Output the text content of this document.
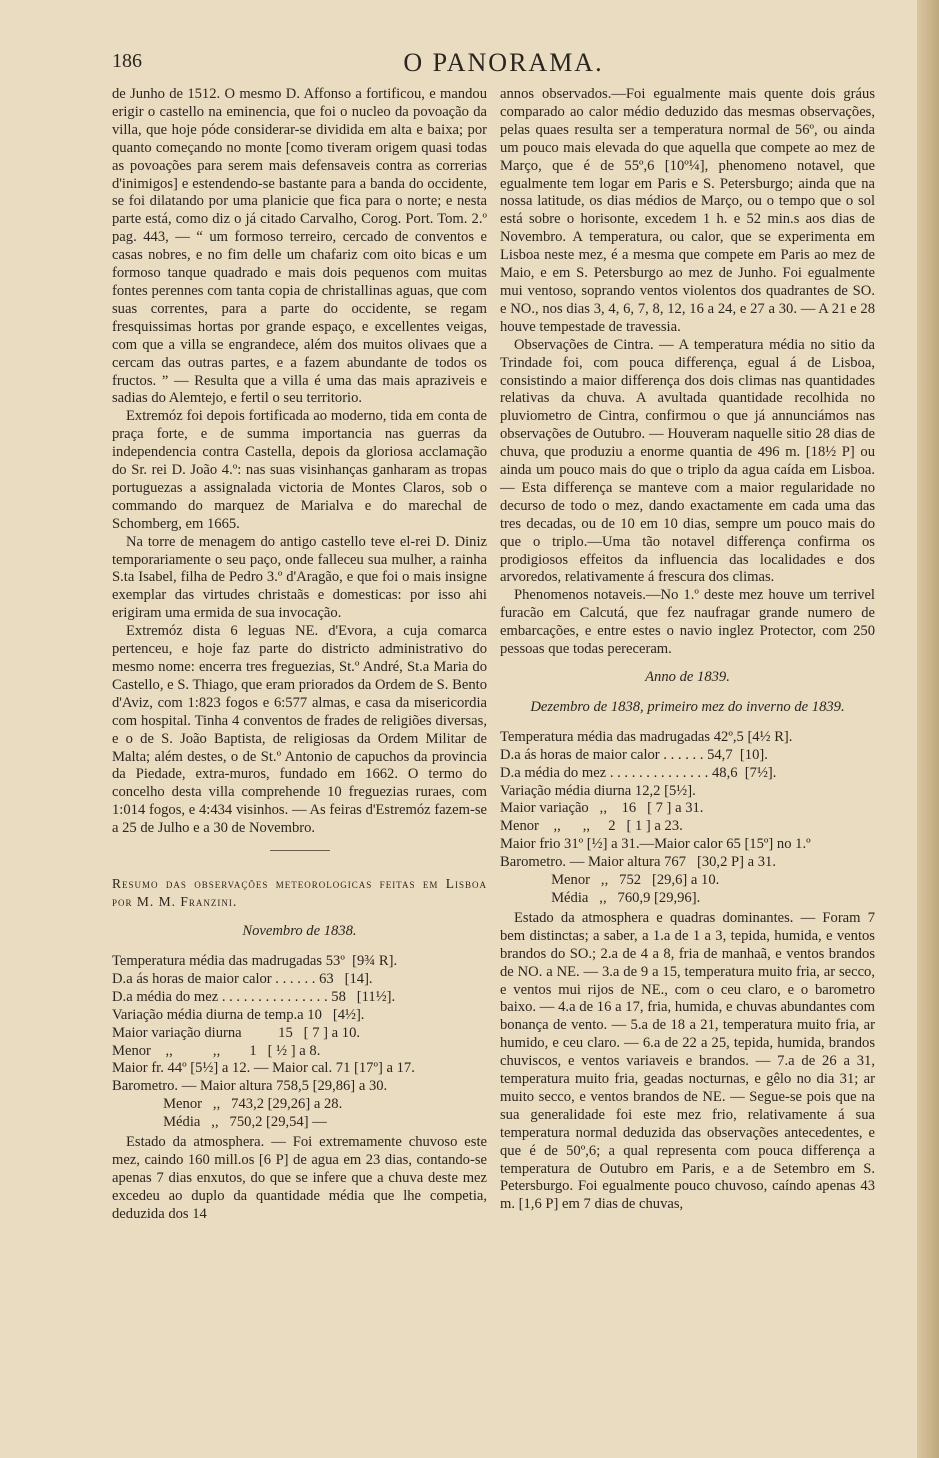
186	O PANORAMA.

de Junho de 1512. O mesmo D. Affonso a fortificou, e mandou erigir o castello na eminencia, que foi o nucleo da povoação da villa, que hoje póde considerar-se dividida em alta e baixa; por quanto começando no monte [como tiveram origem quasi todas as povoações para serem mais defensaveis contra as correrias d'inimigos] e estendendo-se bastante para a banda do occidente, se foi dilatando por uma planicie que fica para o norte; e nesta parte está, como diz o já citado Carvalho, Corog. Port. Tom. 2.º pag. 443, — “ um formoso terreiro, cercado de conventos e casas nobres, e no fim delle um chafariz com oito bicas e um formoso tanque quadrado e mais dois pequenos com muitas fontes perennes com tanta copia de christallinas aguas, que com suas correntes, para a parte do occidente, se regam fresquissimas hortas por grande espaço, e excellentes veigas, com que a villa se engrandece, além dos muitos olivaes que a cercam das outras partes, e a fazem abundante de todos os fructos. ” — Resulta que a villa é uma das mais apraziveis e sadias do Alemtejo, e fertil o seu territorio.

Extremóz foi depois fortificada ao moderno, tida em conta de praça forte, e de summa importancia nas guerras da independencia contra Castella, depois da gloriosa acclamação do Sr. rei D. João 4.º: nas suas visinhanças ganharam as tropas portuguezas a assignalada victoria de Montes Claros, sob o commando do marquez de Marialva e do marechal de Schomberg, em 1665.

Na torre de menagem do antigo castello teve el-rei D. Diniz temporariamente o seu paço, onde falleceu sua mulher, a rainha S.ta Isabel, filha de Pedro 3.º d'Aragão, e que foi o mais insigne exemplar das virtudes christaãs e domesticas: por isso ahi erigiram uma ermida de sua invocação.

Extremóz dista 6 leguas NE. d'Evora, a cuja comarca pertenceu, e hoje faz parte do districto administrativo do mesmo nome: encerra tres freguezias, St.º André, St.a Maria do Castello, e S. Thiago, que eram priorados da Ordem de S. Bento d'Aviz, com 1:823 fogos e 6:577 almas, e casa da misericordia com hospital. Tinha 4 conventos de frades de religiões diversas, e o de S. João Baptista, de religiosas da Ordem Militar de Malta; além destes, o de St.º Antonio de capuchos da provincia da Piedade, extra-muros, fundado em 1662. O termo do concelho desta villa comprehende 10 freguezias ruraes, com 1:014 fogos, e 4:434 visinhos. — As feiras d'Estremóz fazem-se a 25 de Julho e a 30 de Novembro.

Resumo das observações meteorologicas feitas em Lisboa por M. M. Franzini.
Novembro de 1838.

Temperatura média das madrugadas 53º  [9¾ R].

D.a ás horas de maior calor . . . . . . 63   [14].

D.a média do mez . . . . . . . . . . . . . . . 58   [11½].

Variação média diurna de temp.a 10   [4½].

Maior variação diurna          15   [ 7 ] a 10.

Menor    ,,           ,,        1   [ ½ ] a 8.

Maior fr. 44º [5½] a 12. — Maior cal. 71 [17º] a 17.

Barometro. — Maior altura 758,5 [29,86] a 30.

Menor   ,,   743,2 [29,26] a 28.

Média   ,,   750,2 [29,54] —

Estado da atmosphera. — Foi extremamente chuvoso este mez, caindo 160 mill.os [6 P] de agua em 23 dias, contando-se apenas 7 dias enxutos, do que se infere que a chuva deste mez excedeu ao duplo da quantidade média que lhe competia, deduzida dos 14

annos observados.—Foi egualmente mais quente dois gráus comparado ao calor médio deduzido das mesmas observações, pelas quaes resulta ser a temperatura normal de 56º, ou ainda um pouco mais elevada do que aquella que compete ao mez de Março, que é de 55º,6 [10º¼], phenomeno notavel, que egualmente tem logar em Paris e S. Petersburgo; ainda que na nossa latitude, os dias médios de Março, ou o tempo que o sol está sobre o horisonte, excedem 1 h. e 52 min.s aos dias de Novembro. A temperatura, ou calor, que se experimenta em Lisboa neste mez, é a mesma que compete em Paris ao mez de Maio, e em S. Petersburgo ao mez de Junho. Foi egualmente mui ventoso, soprando ventos violentos dos quadrantes de SO. e NO., nos dias 3, 4, 6, 7, 8, 12, 16 a 24, e 27 a 30. — A 21 e 28 houve tempestade de travessia.

Observações de Cintra. — A temperatura média no sitio da Trindade foi, com pouca differença, egual á de Lisboa, consistindo a maior differença dos dois climas nas quantidades relativas da chuva. A avultada quantidade recolhida no pluviometro de Cintra, confirmou o que já annunciámos nas observações de Outubro. — Houveram naquelle sitio 28 dias de chuva, que produziu a enorme quantia de 496 m. [18½ P] ou ainda um pouco mais do que o triplo da agua caída em Lisboa. — Esta differença se manteve com a maior regularidade no decurso de todo o mez, dando exactamente em cada uma das tres decadas, ou de 10 em 10 dias, sempre um pouco mais do que o triplo.—Uma tão notavel differença confirma os prodigiosos effeitos da influencia das localidades e dos arvoredos, relativamente á frescura dos climas.

Phenomenos notaveis.—No 1.º deste mez houve um terrivel furacão em Calcutá, que fez naufragar grande numero de embarcações, e entre estes o navio inglez Protector, com 250 pessoas que todas pereceram.

Anno de 1839.
Dezembro de 1838, primeiro mez do inverno de 1839.

Temperatura média das madrugadas 42º,5 [4½ R].

D.a ás horas de maior calor . . . . . . 54,7  [10].

D.a média do mez . . . . . . . . . . . . . . 48,6  [7½].

Variação média diurna 12,2 [5½].

Maior variação   ,,    16   [ 7 ] a 31.

Menor    ,,      ,,     2   [ 1 ] a 23.

Maior frio 31º [½] a 31.—Maior calor 65 [15º] no 1.º

Barometro. — Maior altura 767   [30,2 P] a 31.

Menor   ,,   752   [29,6] a 10.

Média   ,,   760,9 [29,96].

Estado da atmosphera e quadras dominantes. — Foram 7 bem distinctas; a saber, a 1.a de 1 a 3, tepida, humida, e ventos brandos do SO.; 2.a de 4 a 8, fria de manhaã, e ventos brandos de NO. a NE. — 3.a de 9 a 15, temperatura muito fria, ar secco, e ventos mui rijos de NE., com o ceu claro, e o barometro baixo. — 4.a de 16 a 17, fria, humida, e chuvas abundantes com bonança de vento. — 5.a de 18 a 21, temperatura muito fria, ar humido, e ceu claro. — 6.a de 22 a 25, tepida, humida, brandos chuviscos, e ventos variaveis e brandos. — 7.a de 26 a 31, temperatura muito fria, geadas nocturnas, e gêlo no dia 31; ar muito secco, e ventos brandos de NE. — Segue-se pois que na sua generalidade foi este mez frio, relativamente á sua temperatura normal deduzida das observações antecedentes, e que é de 50º,6; a qual representa com pouca differença a temperatura de Outubro em Paris, e a de Setembro em S. Petersburgo. Foi egualmente pouco chuvoso, caíndo apenas 43 m. [1,6 P] em 7 dias de chuvas,
